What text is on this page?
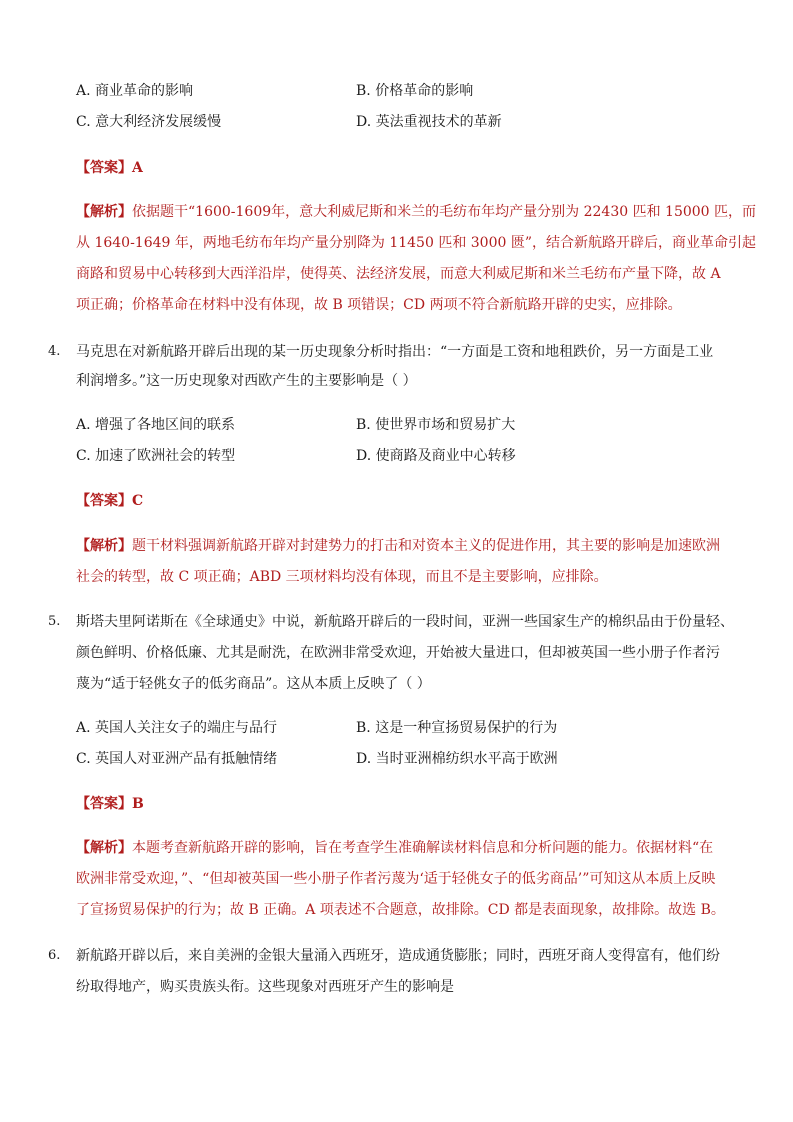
A. 商业革命的影响	B. 价格革命的影响
C. 意大利经济发展缓慢	D. 英法重视技术的革新
【答案】A
【解析】依据题干“1600-1609年，意大利威尼斯和米兰的毛纺布年均产量分别为 22430 匹和 15000 匹，而
从 1640-1649 年，两地毛纺布年均产量分别降为 11450 匹和 3000 匮”，结合新航路开辟后，商业革命引起
商路和贸易中心转移到大西洋沿岸，使得英、法经济发展，而意大利威尼斯和米兰毛纺布产量下降，故 A
项正确；价格革命在材料中没有体现，故 B 项错误；CD 两项不符合新航路开辟的史实，应排除。
4. 马克思在对新航路开辟后出现的某一历史现象分析时指出：“一方面是工资和地租跌价，另一方面是工业
利润增多。”这一历史现象对西欧产生的主要影响是（ ）
A. 增强了各地区间的联系	B. 使世界市场和贸易扩大
C. 加速了欧洲社会的转型	D. 使商路及商业中心转移
【答案】C
【解析】题干材料强调新航路开辟对封建势力的打击和对资本主义的促进作用，其主要的影响是加速欧洲
社会的转型，故 C 项正确；ABD 三项材料均没有体现，而且不是主要影响，应排除。
5. 斯塔夫里阿诺斯在《全球通史》中说，新航路开辟后的一段时间，亚洲一些国家生产的棉织品由于份量轻、
颜色鲜明、价格低廉、尤其是耐洗，在欧洲非常受欢迎，开始被大量进口，但却被英国一些小册子作者污
蔑为“适于轻佻女子的低劣商品”。这从本质上反映了（ ）
A. 英国人关注女子的端庄与品行	B. 这是一种宣扬贸易保护的行为
C. 英国人对亚洲产品有抵触情绪	D. 当时亚洲棉纺织水平高于欧洲
【答案】B
【解析】本题考查新航路开辟的影响，旨在考查学生准确解读材料信息和分析问题的能力。依据材料“在
欧洲非常受欢迎，”、“但却被英国一些小册子作者污蔑为‘适于轻佻女子的低劣商品’”可知这从本质上反映
了宣扬贸易保护的行为；故 B 正确。A 项表述不合题意，故排除。CD 都是表面现象，故排除。故选 B。
6. 新航路开辟以后，来自美洲的金银大量涌入西班牙，造成通货膨胀；同时，西班牙商人变得富有，他们纷
纷取得地产，购买贵族头衔。这些现象对西班牙产生的影响是
